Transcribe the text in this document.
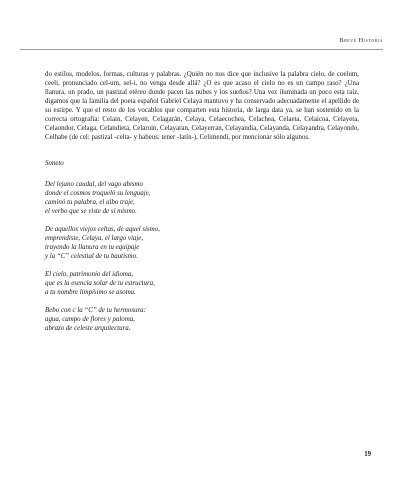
Breve Historia

do estilos, modelos, formas, culturas y palabras. ¿Quién no nos dice que inclusive la palabra cielo, de coelum, ceeli, pronunciado cel-um, sel-i, no venga desde allá? ¿O es que acaso el cielo no es un campo raso? ¿Una llanura, un prado, un pastizal etéreo donde pacen las nubes y los sueños? Una vez iluminada un poco esta raíz, digamos que la familia del poeta español Gabriel Celaya mantuvo y ha conservado adecuadamente el apellido de su estirpe. Y que el resto de los vocablos que comparten esta historia, de larga data ya, se han sostenido en la correcta ortografía: Celain, Celayen, Celagarán, Celaya, Celaecochea, Celachea, Celaeta, Celaicoa, Celayeta, Celaondor, Celaga, Celandieta, Celaruin, Celayaran, Celayerran, Celayandia, Celayanda, Celayandra, Celayondo, Celhabe (de cel: pastizal -celta- y habeus: tener -latín-), Celimendi, por mencionar sólo algunos.

Soneto
Del lejano caudal, del vago abismo
donde el cosmos troqueló su lenguaje,
caminó tu palabra, el albo traje,
el verbo que se viste de sí mismo.
De aquellos viejos celtas, de aquel sismo,
emprendiste, Celaya, el largo viaje,
trayendo la llanura en tu equipaje
y la “C” celestial de tu bautismo.
El cielo, patrimonio del idioma,
que es la esencia solar de tu estructura,
a tu nombre limpísimo se asoma.
Bebo con c la “C” de tu hermosura:
agua, campo de flores y paloma,
abrazo de celeste arquitectura.
19
